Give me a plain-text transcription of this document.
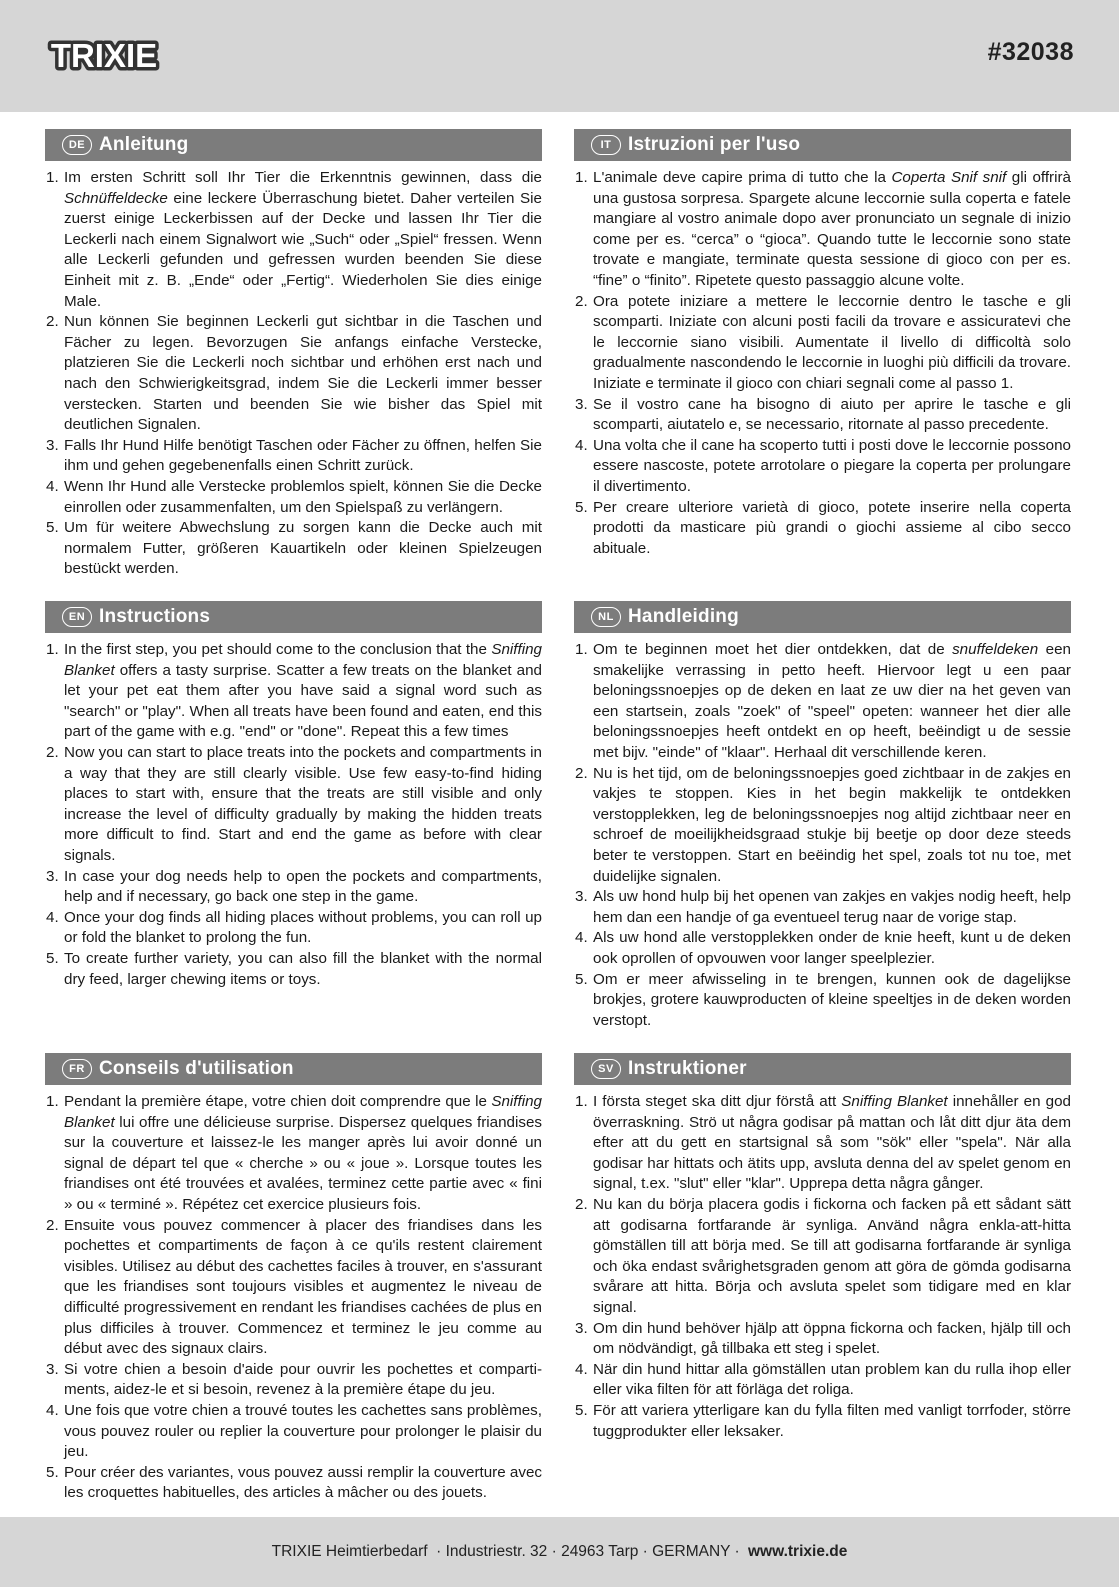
TRIXIE	#32038
DE Anleitung
1. Im ersten Schritt soll Ihr Tier die Erkenntnis gewinnen, dass die Schnüffeldecke eine leckere Überraschung bietet. Daher verteilen Sie zuerst einige Leckerbissen auf der Decke und lassen Ihr Tier die Leckerli nach einem Signalwort wie „Such“ oder „Spiel“ fressen. Wenn alle Leckerli gefunden und gefressen wurden beenden Sie diese Einheit mit z. B. „Ende“ oder „Fertig“. Wiederholen Sie dies einige Male.
2. Nun können Sie beginnen Leckerli gut sichtbar in die Taschen und Fächer zu legen. Bevorzugen Sie anfangs einfache Verstecke, platzieren Sie die Leckerli noch sichtbar und erhöhen erst nach und nach den Schwierigkeitsgrad, indem Sie die Leckerli immer besser verstecken. Starten und beenden Sie wie bisher das Spiel mit deutlichen Signalen.
3. Falls Ihr Hund Hilfe benötigt Taschen oder Fächer zu öffnen, helfen Sie ihm und gehen gegebenenfalls einen Schritt zurück.
4. Wenn Ihr Hund alle Verstecke problemlos spielt, können Sie die Decke einrollen oder zusammenfalten, um den Spielspaß zu verlängern.
5. Um für weitere Abwechslung zu sorgen kann die Decke auch mit normalem Futter, größeren Kauartikeln oder kleinen Spielzeugen bestückt werden.
EN Instructions
1. In the first step, you pet should come to the conclusion that the Sniffing Blanket offers a tasty surprise. Scatter a few treats on the blanket and let your pet eat them after you have said a signal word such as "search" or "play". When all treats have been found and eaten, end this part of the game with e.g. "end" or "done". Repeat this a few times
2. Now you can start to place treats into the pockets and compartments in a way that they are still clearly visible. Use few easy-to-find hiding places to start with, ensure that the treats are still visible and only increase the level of difficulty gradually by making the hidden treats more difficult to find. Start and end the game as before with clear signals.
3. In case your dog needs help to open the pockets and compartments, help and if necessary, go back one step in the game.
4. Once your dog finds all hiding places without problems, you can roll up or fold the blanket to prolong the fun.
5. To create further variety, you can also fill the blanket with the normal dry feed, larger chewing items or toys.
FR Conseils d'utilisation
1. Pendant la première étape, votre chien doit comprendre que le Sniffing Blanket lui offre une délicieuse surprise. Dispersez quelques friandises sur la couverture et laissez-le les manger après lui avoir donné un signal de départ tel que « cherche » ou « joue ». Lorsque toutes les friandises ont été trouvées et avalées, terminez cette partie avec « fini » ou « terminé ». Répétez cet exercice plusieurs fois.
2. Ensuite vous pouvez commencer à placer des friandises dans les pochettes et compartiments de façon à ce qu'ils restent clairement visibles. Utilisez au début des cachettes faciles à trouver, en s'assurant que les friandises sont toujours visibles et augmentez le niveau de difficulté progressivement en rendant les friandises cachées de plus en plus difficiles à trouver. Commencez et terminez le jeu comme au début avec des signaux clairs.
3. Si votre chien a besoin d'aide pour ouvrir les pochettes et comparti-ments, aidez-le et si besoin, revenez à la première étape du jeu.
4. Une fois que votre chien a trouvé toutes les cachettes sans problèmes, vous pouvez rouler ou replier la couverture pour prolonger le plaisir du jeu.
5. Pour créer des variantes, vous pouvez aussi remplir la couverture avec les croquettes habituelles, des articles à mâcher ou des jouets.
IT Istruzioni per l'uso
1. L'animale deve capire prima di tutto che la Coperta Snif snif gli offrirà una gustosa sorpresa. Spargete alcune leccornie sulla coperta e fatele mangiare al vostro animale dopo aver pronunciato un segnale di inizio come per es. “cerca” o “gioca”. Quando tutte le leccornie sono state trovate e mangiate, terminate questa sessione di gioco con per es. “fine” o “finito”. Ripetete questo passaggio alcune volte.
2. Ora potete iniziare a mettere le leccornie dentro le tasche e gli scomparti. Iniziate con alcuni posti facili da trovare e assicuratevi che le leccornie siano visibili. Aumentate il livello di difficoltà solo gradualmente nascondendo le leccornie in luoghi più difficili da trovare. Iniziate e terminate il gioco con chiari segnali come al passo 1.
3. Se il vostro cane ha bisogno di aiuto per aprire le tasche e gli scomparti, aiutatelo e, se necessario, ritornate al passo precedente.
4. Una volta che il cane ha scoperto tutti i posti dove le leccornie possono essere nascoste, potete arrotolare o piegare la coperta per prolungare il divertimento.
5. Per creare ulteriore varietà di gioco, potete inserire nella coperta prodotti da masticare più grandi o giochi assieme al cibo secco abituale.
NL Handleiding
1. Om te beginnen moet het dier ontdekken, dat de snuffeldeken een smakelijke verrassing in petto heeft. Hiervoor legt u een paar beloningssnoepjes op de deken en laat ze uw dier na het geven van een startsein, zoals "zoek" of "speel" opeten: wanneer het dier alle beloningssnoepjes heeft ontdekt en op heeft, beëindigt u de sessie met bijv. "einde" of "klaar". Herhaal dit verschillende keren.
2. Nu is het tijd, om de beloningssnoepjes goed zichtbaar in de zakjes en vakjes te stoppen. Kies in het begin makkelijk te ontdekken verstopplekken, leg de beloningssnoepjes nog altijd zichtbaar neer en schroef de moeilijkheidsgraad stukje bij beetje op door deze steeds beter te verstoppen. Start en beëindig het spel, zoals tot nu toe, met duidelijke signalen.
3. Als uw hond hulp bij het openen van zakjes en vakjes nodig heeft, help hem dan een handje of ga eventueel terug naar de vorige stap.
4. Als uw hond alle verstopplekken onder de knie heeft, kunt u de deken ook oprollen of opvouwen voor langer speelplezier.
5. Om er meer afwisseling in te brengen, kunnen ook de dagelijkse brokjes, grotere kauwproducten of kleine speeltjes in de deken worden verstopt.
SV Instruktioner
1. I första steget ska ditt djur förstå att Sniffing Blanket innehåller en god överraskning. Strö ut några godisar på mattan och låt ditt djur äta dem efter att du gett en startsignal så som "sök" eller "spela". När alla godisar har hittats och ätits upp, avsluta denna del av spelet genom en signal, t.ex. "slut" eller "klar". Upprepa detta några gånger.
2. Nu kan du börja placera godis i fickorna och facken på ett sådant sätt att godisarna fortfarande är synliga. Använd några enkla-att-hitta gömställen till att börja med. Se till att godisarna fortfarande är synliga och öka endast svårighetsgraden genom att göra de gömda godisarna svårare att hitta. Börja och avsluta spelet som tidigare med en klar signal.
3. Om din hund behöver hjälp att öppna fickorna och facken, hjälp till och om nödvändigt, gå tillbaka ett steg i spelet.
4. När din hund hittar alla gömställen utan problem kan du rulla ihop eller eller vika filten för att förläga det roliga.
5. För att variera ytterligare kan du fylla filten med vanligt torrfoder, större tuggprodukter eller leksaker.
TRIXIE Heimtierbedarf  · Industriestr. 32 · 24963 Tarp · GERMANY · www.trixie.de
